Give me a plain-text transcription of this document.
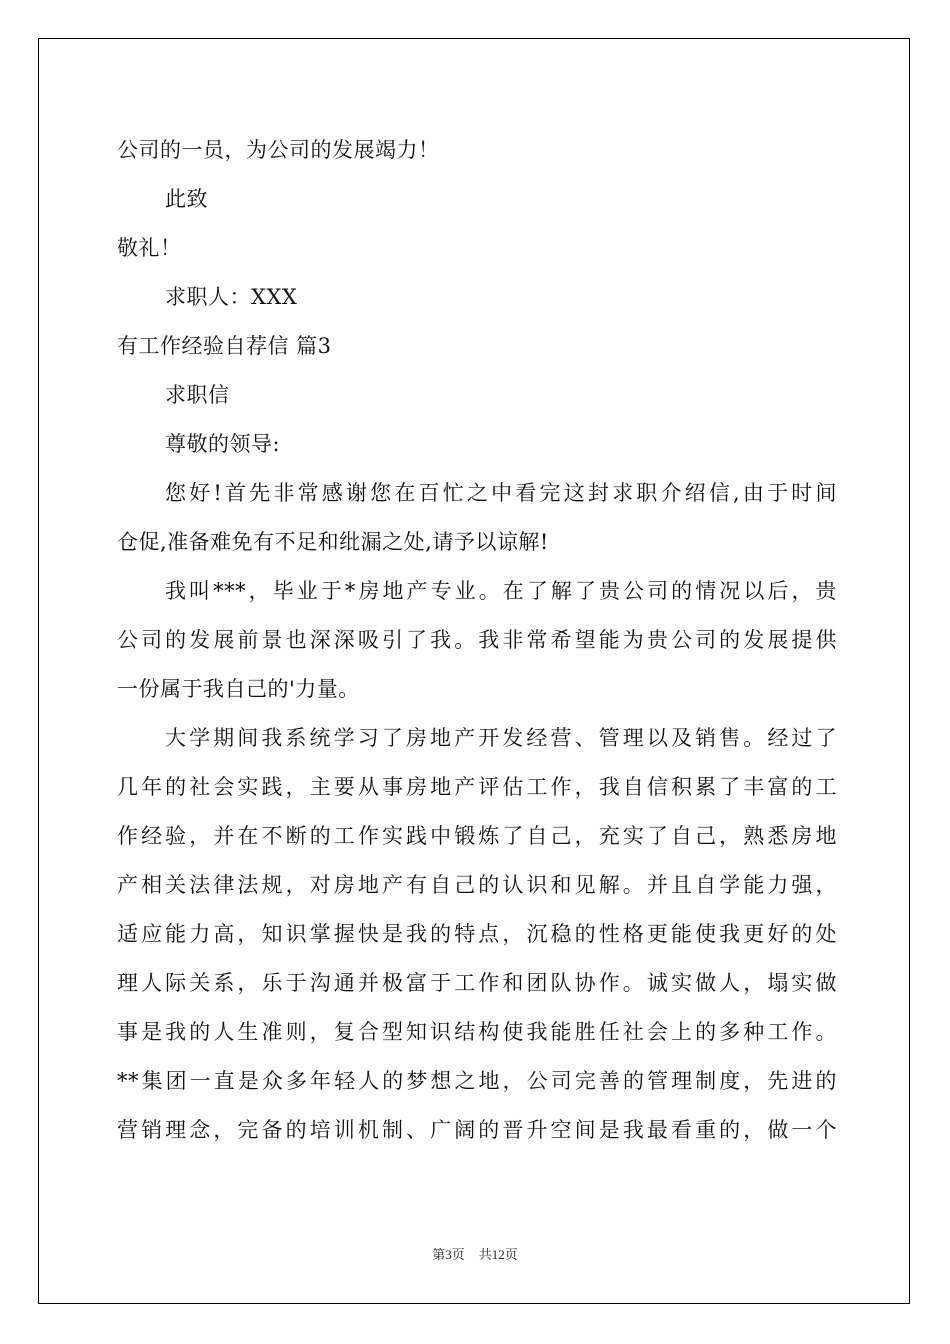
公司的一员，为公司的发展竭力！
此致
敬礼！
求职人：XXX
有工作经验自荐信 篇3
求职信
尊敬的领导:
您好!首先非常感谢您在百忙之中看完这封求职介绍信,由于时间
仓促,准备难免有不足和纰漏之处,请予以谅解!
我叫***，毕业于*房地产专业。在了解了贵公司的情况以后，贵
公司的发展前景也深深吸引了我。我非常希望能为贵公司的发展提供
一份属于我自己的'力量。
大学期间我系统学习了房地产开发经营、管理以及销售。经过了
几年的社会实践，主要从事房地产评估工作，我自信积累了丰富的工
作经验，并在不断的工作实践中锻炼了自己，充实了自己，熟悉房地
产相关法律法规，对房地产有自己的认识和见解。并且自学能力强，
适应能力高，知识掌握快是我的特点，沉稳的性格更能使我更好的处
理人际关系，乐于沟通并极富于工作和团队协作。诚实做人，塌实做
事是我的人生准则，复合型知识结构使我能胜任社会上的多种工作。
**集团一直是众多年轻人的梦想之地，公司完善的管理制度，先进的
营销理念，完备的培训机制、广阔的晋升空间是我最看重的，做一个
第3页 共12页
